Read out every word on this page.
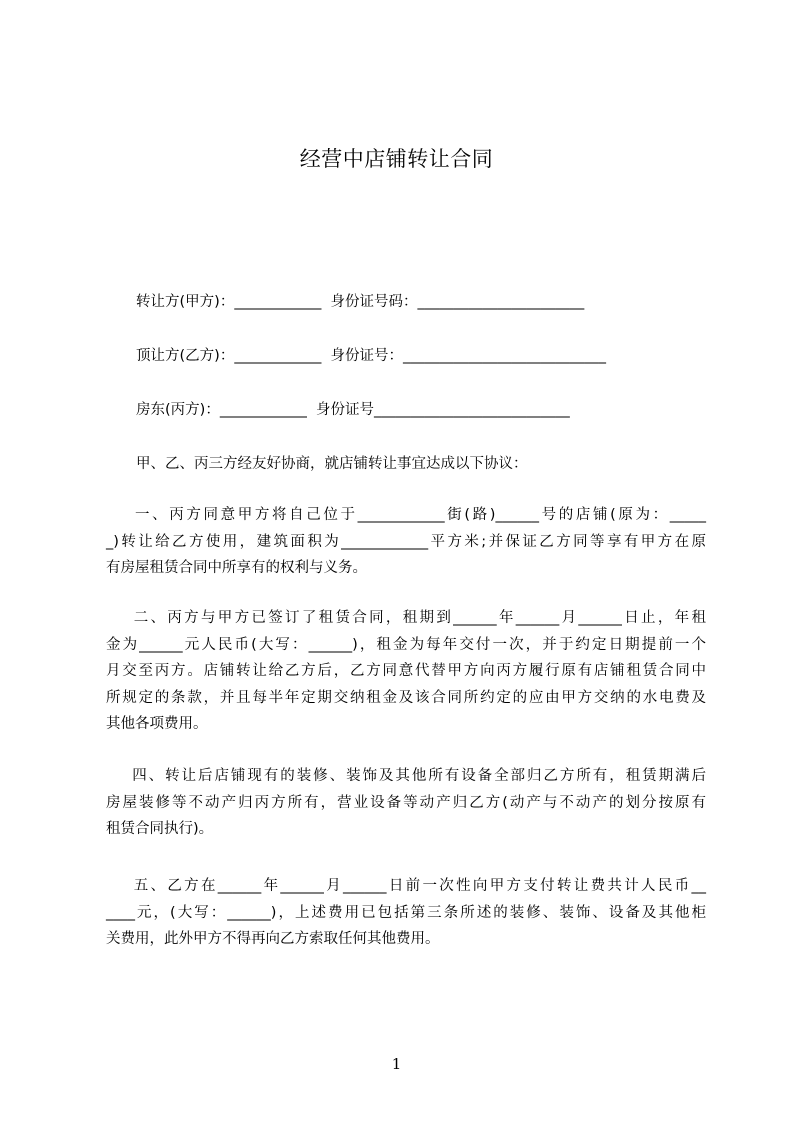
经营中店铺转让合同
转让方(甲方)：____________  身份证号码：_______________________
顶让方(乙方)：____________  身份证号：____________________________
房东(丙方)：____________  身份证号___________________________
甲、乙、丙三方经友好协商，就店铺转让事宜达成以下协议：
一、丙方同意甲方将自己位于____________街(路)______号的店铺(原为：_____
_)转让给乙方使用，建筑面积为____________平方米;并保证乙方同等享有甲方在原
有房屋租赁合同中所享有的权利与义务。
二、丙方与甲方已签订了租赁合同，租期到______年______月______日止，年租
金为______元人民币(大写：______)，租金为每年交付一次，并于约定日期提前一个
月交至丙方。店铺转让给乙方后，乙方同意代替甲方向丙方履行原有店铺租赁合同中
所规定的条款，并且每半年定期交纳租金及该合同所约定的应由甲方交纳的水电费及
其他各项费用。
四、转让后店铺现有的装修、装饰及其他所有设备全部归乙方所有，租赁期满后
房屋装修等不动产归丙方所有，营业设备等动产归乙方(动产与不动产的划分按原有
租赁合同执行)。
五、乙方在______年______月______日前一次性向甲方支付转让费共计人民币__
____元，(大写：______)，上述费用已包括第三条所述的装修、装饰、设备及其他柜
关费用，此外甲方不得再向乙方索取任何其他费用。
1
